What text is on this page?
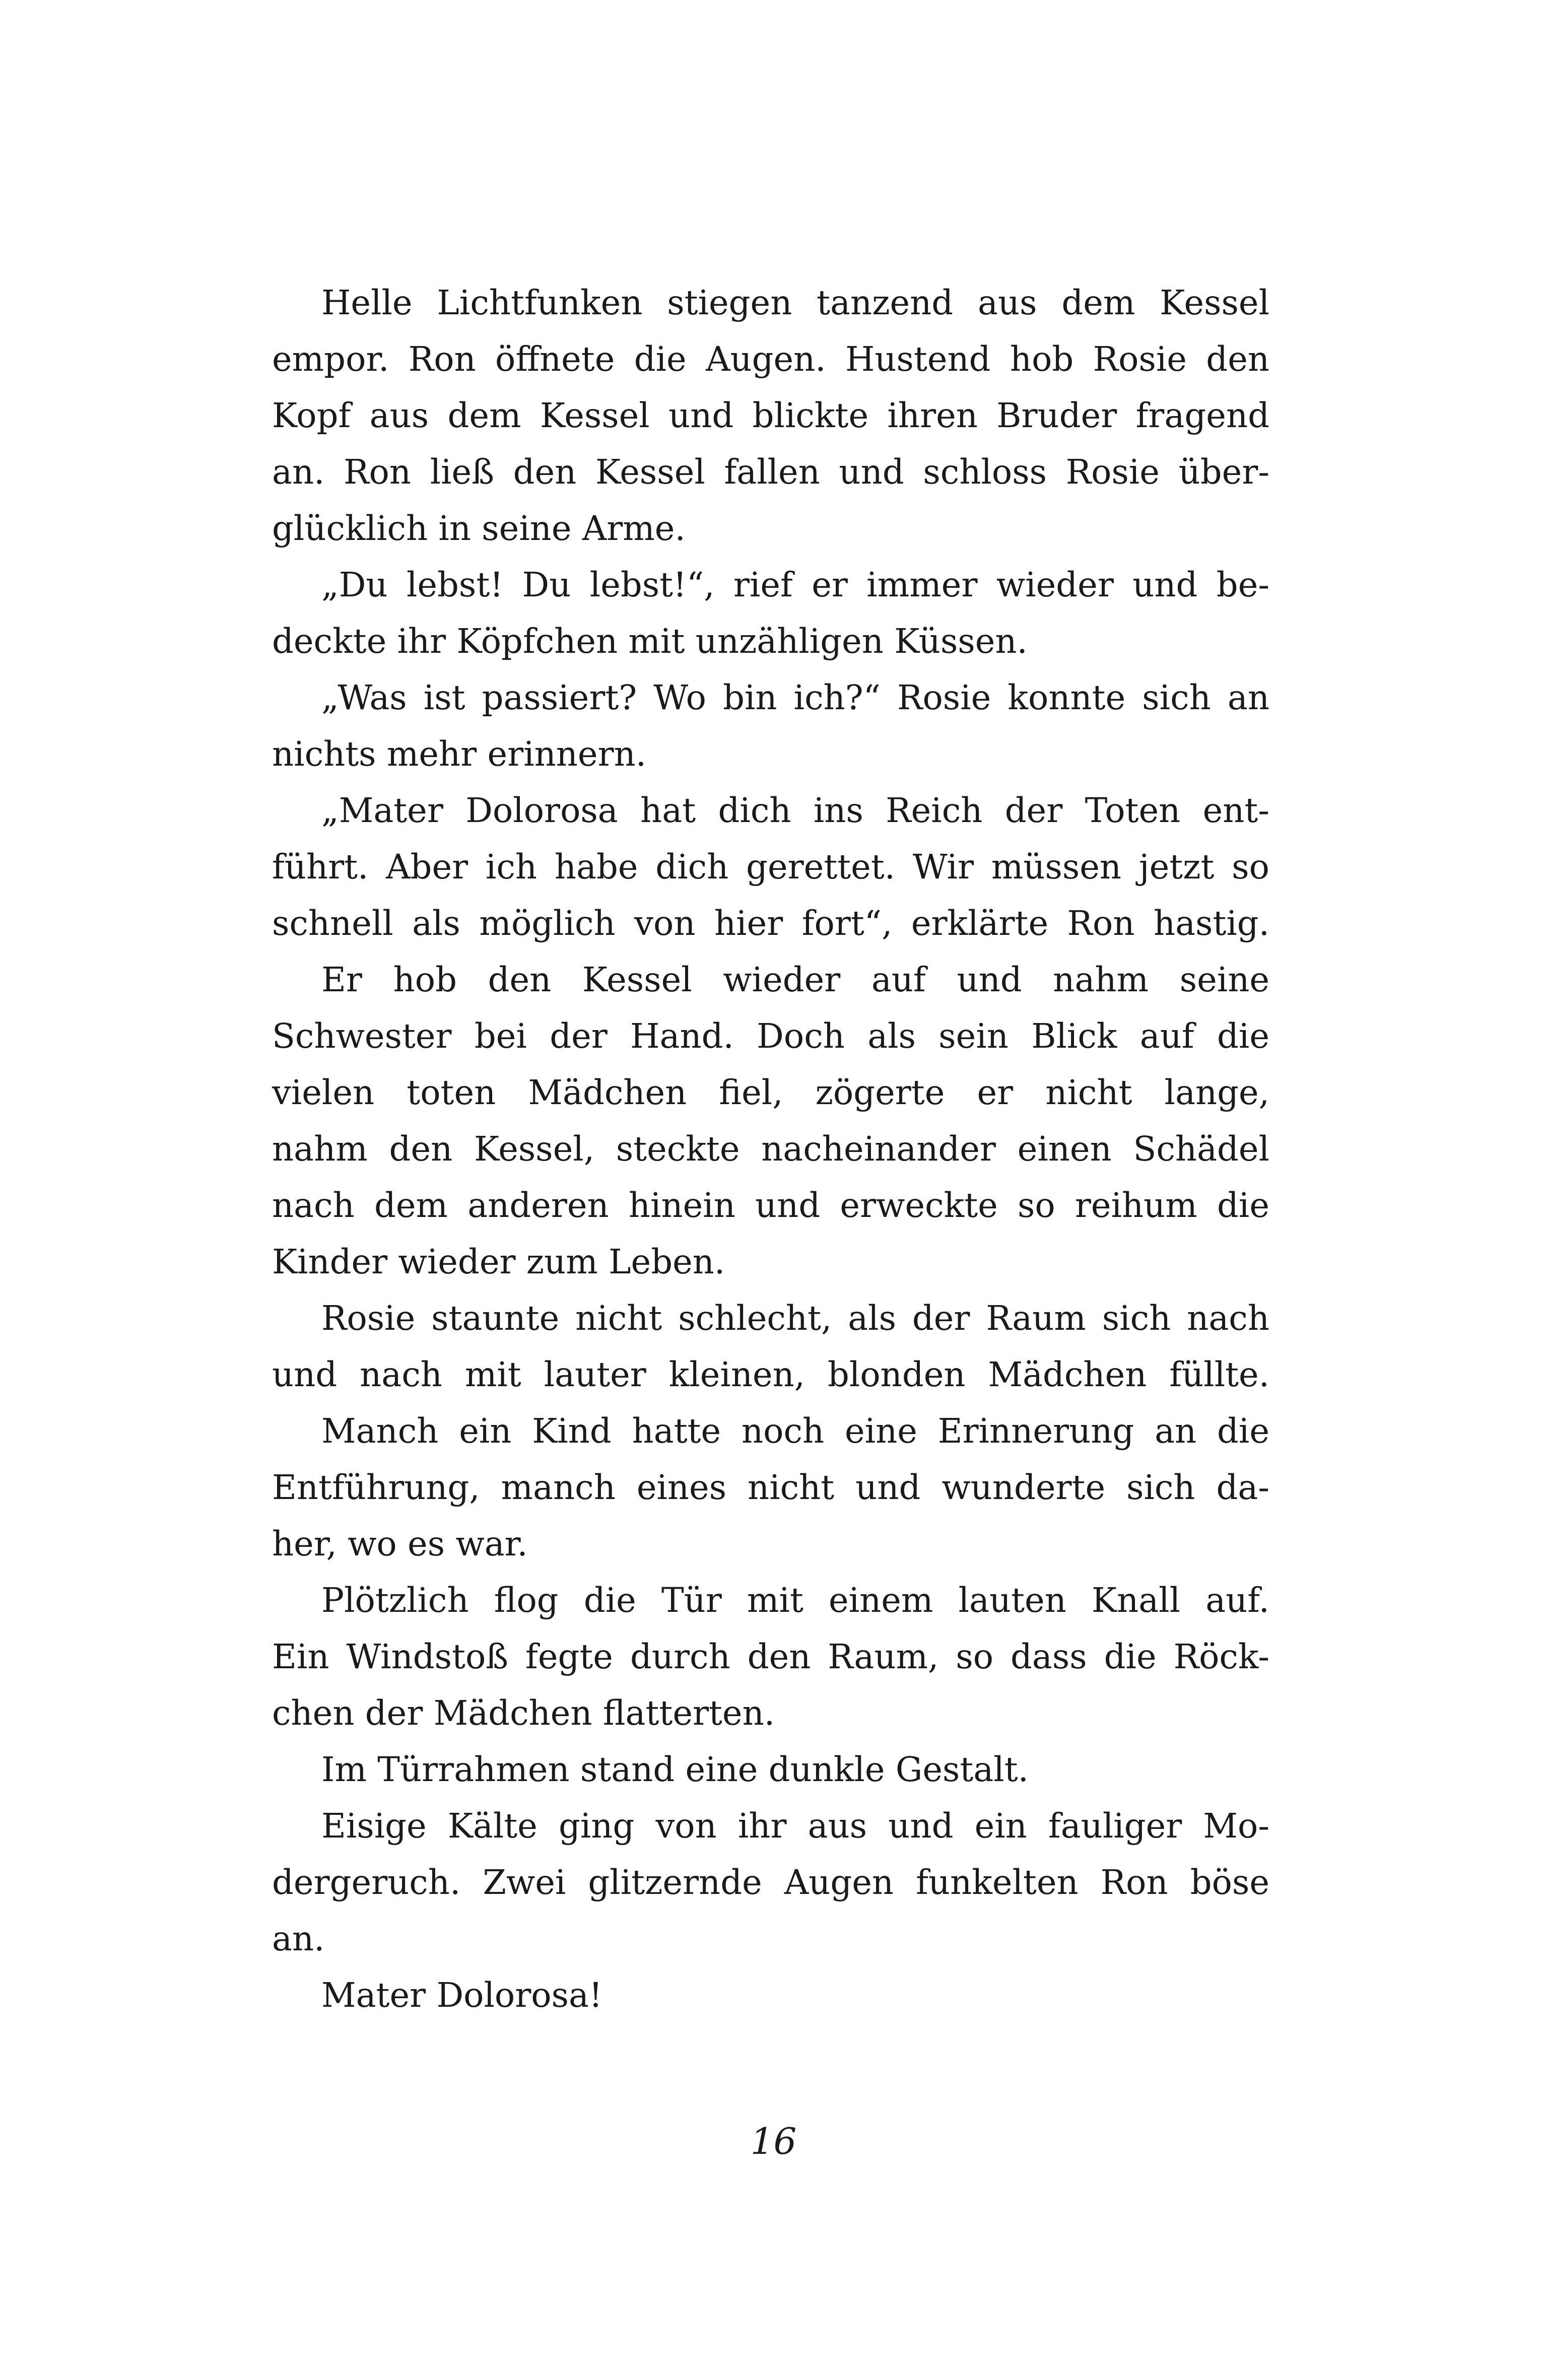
Helle Lichtfunken stiegen tanzend aus dem Kessel
empor. Ron öffnete die Augen. Hustend hob Rosie den
Kopf aus dem Kessel und blickte ihren Bruder fragend
an. Ron ließ den Kessel fallen und schloss Rosie über-
glücklich in seine Arme.
„Du lebst! Du lebst!“, rief er immer wieder und be-
deckte ihr Köpfchen mit unzähligen Küssen.
„Was ist passiert? Wo bin ich?“ Rosie konnte sich an
nichts mehr erinnern.
„Mater Dolorosa hat dich ins Reich der Toten ent-
führt. Aber ich habe dich gerettet. Wir müssen jetzt so
schnell als möglich von hier fort“, erklärte Ron hastig.
Er hob den Kessel wieder auf und nahm seine
Schwester bei der Hand. Doch als sein Blick auf die
vielen toten Mädchen fiel, zögerte er nicht lange,
nahm den Kessel, steckte nacheinander einen Schädel
nach dem anderen hinein und erweckte so reihum die
Kinder wieder zum Leben.
Rosie staunte nicht schlecht, als der Raum sich nach
und nach mit lauter kleinen, blonden Mädchen füllte.
Manch ein Kind hatte noch eine Erinnerung an die
Entführung, manch eines nicht und wunderte sich da-
her, wo es war.
Plötzlich flog die Tür mit einem lauten Knall auf.
Ein Windstoß fegte durch den Raum, so dass die Röck-
chen der Mädchen flatterten.
Im Türrahmen stand eine dunkle Gestalt.
Eisige Kälte ging von ihr aus und ein fauliger Mo-
dergeruch. Zwei glitzernde Augen funkelten Ron böse
an.
Mater Dolorosa!
16
